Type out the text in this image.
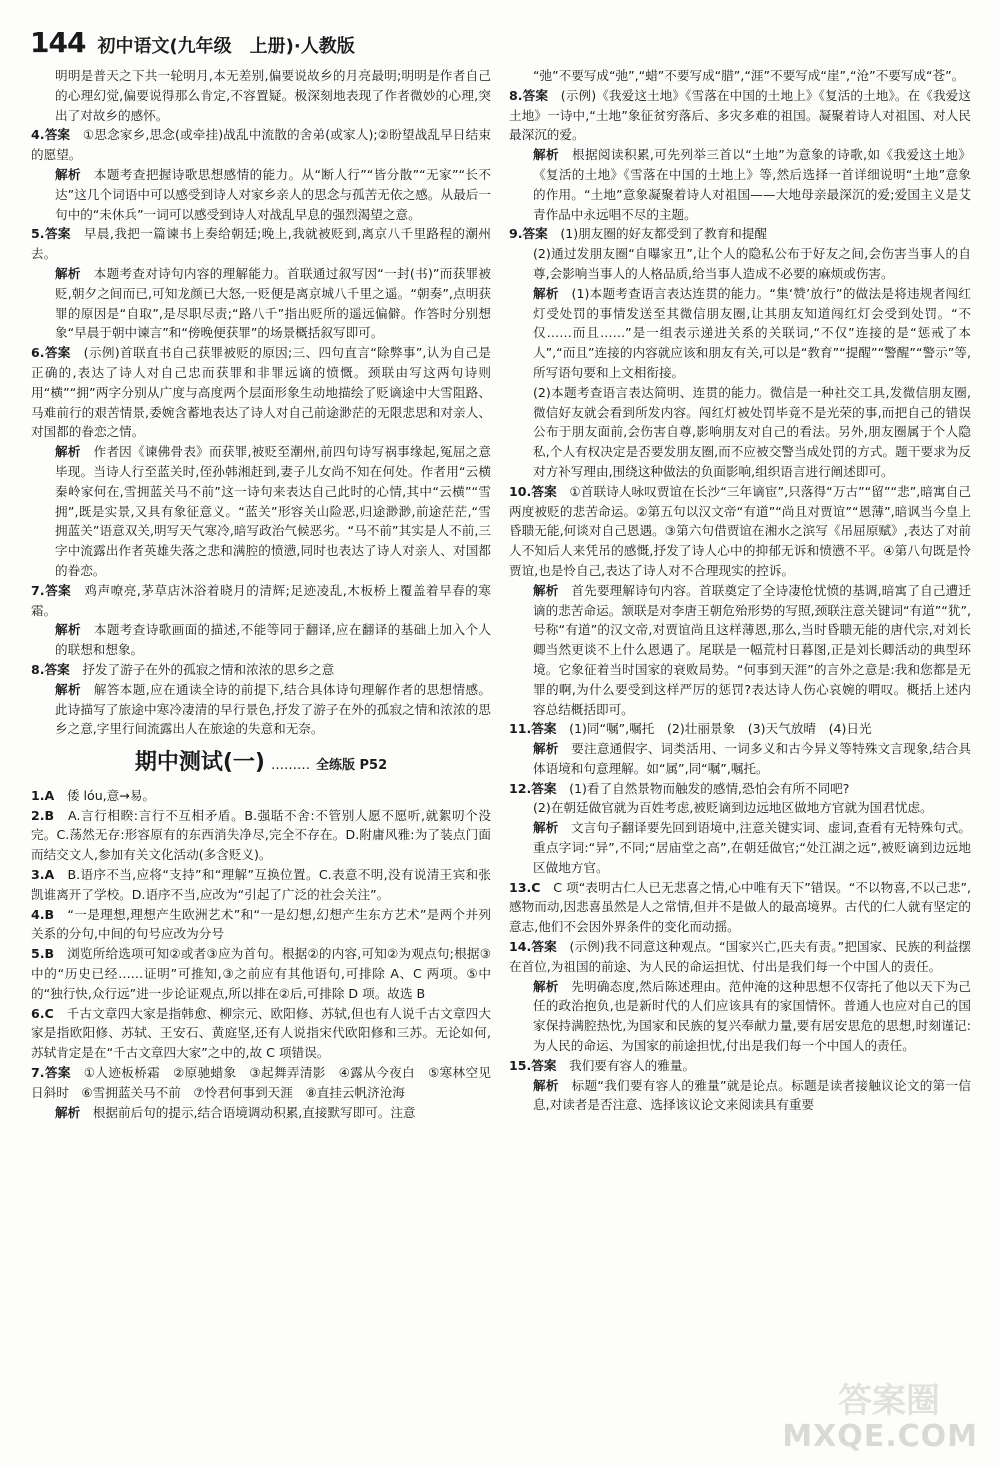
144 初中语文(九年级　上册)·人教版

明明是普天之下共一轮明月,本无差别,偏要说故乡的月亮最明;明明是作者自己的心理幻觉,偏要说得那么肯定,不容置疑。极深刻地表现了作者微妙的心理,突出了对故乡的感怀。

4.答案　①思念家乡,思念(或牵挂)战乱中流散的舍弟(或家人);②盼望战乱早日结束的愿望。

解析　本题考查把握诗歌思想感情的能力。从“断人行”“皆分散”“无家”“长不达”这几个词语中可以感受到诗人对家乡亲人的思念与孤苦无依之感。从最后一句中的“未休兵”一词可以感受到诗人对战乱早息的强烈渴望之意。

5.答案　早晨,我把一篇谏书上奏给朝廷;晚上,我就被贬到,离京八千里路程的潮州去。

解析　本题考查对诗句内容的理解能力。首联通过叙写因“一封(书)”而获罪被贬,朝夕之间而已,可知龙颜已大怒,一贬便是离京城八千里之遥。“朝奏”,点明获罪的原因是“自取”,是尽职尽责;“路八千”指出贬所的遥远偏僻。作答时分别想象“早晨于朝中谏言”和“傍晚便获罪”的场景概括叙写即可。

6.答案　(示例)首联直书自己获罪被贬的原因;三、四句直言“除弊事”,认为自己是正确的,表达了诗人对自己忠而获罪和非罪远谪的愤慨。颈联由写这两句诗则用“横”“拥”两字分别从广度与高度两个层面形象生动地描绘了贬谪途中大雪阻路、马难前行的艰苦情景,委婉含蓄地表达了诗人对自己前途渺茫的无限悲思和对亲人、对国都的眷恋之情。

解析　作者因《谏佛骨表》而获罪,被贬至潮州,前四句诗写祸事缘起,冤屈之意毕现。当诗人行至蓝关时,侄孙韩湘赶到,妻子儿女尚不知在何处。作者用“云横秦岭家何在,雪拥蓝关马不前”这一诗句来表达自己此时的心情,其中“云横”“雪拥”,既是实景,又具有象征意义。“蓝关”形容关山险恶,归途渺渺,前途茫茫,“雪拥蓝关”语意双关,明写天气寒冷,暗写政治气候恶劣。“马不前”其实是人不前,三字中流露出作者英雄失落之悲和满腔的愤懑,同时也表达了诗人对亲人、对国都的眷恋。

7.答案　鸡声嘹亮,茅草店沐浴着晓月的清辉;足迹凌乱,木板桥上覆盖着早春的寒霜。

解析　本题考查诗歌画面的描述,不能等同于翻译,应在翻译的基础上加入个人的联想和想象。

8.答案　抒发了游子在外的孤寂之情和浓浓的思乡之意

解析　解答本题,应在通读全诗的前提下,结合具体诗句理解作者的思想情感。此诗描写了旅途中寒冷凄清的早行景色,抒发了游子在外的孤寂之情和浓浓的思乡之意,字里行间流露出人在旅途的失意和无奈。

期中测试(一) ……… 全练版 P52

1.A　倭 lóu,意→易。

2.B　A.言行相睽:言行不互相矛盾。B.强聒不舍:不管别人愿不愿听,就絮叨个没完。C.荡然无存:形容原有的东西消失净尽,完全不存在。D.附庸风雅:为了装点门面而结交文人,参加有关文化活动(多含贬义)。

3.A　B.语序不当,应将“支持”和“理解”互换位置。C.表意不明,没有说清王宾和张凯谁离开了学校。D.语序不当,应改为“引起了广泛的社会关注”。

4.B　“一是理想,理想产生欧洲艺术”和“一是幻想,幻想产生东方艺术”是两个并列关系的分句,中间的句号应改为分号

5.B　浏览所给选项可知②或者③应为首句。根据②的内容,可知②为观点句;根据③中的“历史已经……证明”可推知,③之前应有其他语句,可排除 A、C 两项。⑤中的“独行快,众行远”进一步论证观点,所以排在②后,可排除 D 项。故选 B

6.C　千古文章四大家是指韩愈、柳宗元、欧阳修、苏轼,但也有人说千古文章四大家是指欧阳修、苏轼、王安石、黄庭坚,还有人说指宋代欧阳修和三苏。无论如何,苏轼肯定是在“千古文章四大家”之中的,故 C 项错误。

7.答案　①人迹板桥霜　②原驰蜡象　③起舞弄清影　④露从今夜白　⑤寒林空见日斜时　⑥雪拥蓝关马不前　⑦怜君何事到天涯　⑧直挂云帆济沧海

解析　根据前后句的提示,结合语境调动积累,直接默写即可。注意

“弛”不要写成“弛”,“蜡”不要写成“腊”,“涯”不要写成“崖”,“沧”不要写成“苍”。

8.答案　(示例)《我爱这土地》《雪落在中国的土地上》《复活的土地》。在《我爱这土地》一诗中,“土地”象征贫穷落后、多灾多难的祖国。凝聚着诗人对祖国、对人民最深沉的爱。

解析　根据阅读积累,可先列举三首以“土地”为意象的诗歌,如《我爱这土地》《复活的土地》《雪落在中国的土地上》等,然后选择一首详细说明“土地”意象的作用。“土地”意象凝聚着诗人对祖国——大地母亲最深沉的爱;爱国主义是艾青作品中永远唱不尽的主题。

9.答案　(1)朋友圈的好友都受到了教育和提醒

(2)通过发朋友圈“自曝家丑”,让个人的隐私公布于好友之间,会伤害当事人的自尊,会影响当事人的人格品质,给当事人造成不必要的麻烦或伤害。

解析　(1)本题考查语言表达连贯的能力。“集‘赞’放行”的做法是将违规者闯红灯受处罚的事情发送至其微信朋友圈,让其朋友知道闯红灯会受到处罚。“不仅……而且……”是一组表示递进关系的关联词,“不仅”连接的是“惩戒了本人”,“而且”连接的内容就应该和朋友有关,可以是“教育”“提醒”“警醒”“警示”等,所写语句要和上文相衔接。

(2)本题考查语言表达简明、连贯的能力。微信是一种社交工具,发微信朋友圈,微信好友就会看到所发内容。闯红灯被处罚毕竟不是光荣的事,而把自己的错误公布于朋友面前,会伤害自尊,影响朋友对自己的看法。另外,朋友圈属于个人隐私,个人有权决定是否要发朋友圈,而不应被交警当成处罚的方式。题干要求为反对方补写理由,围绕这种做法的负面影响,组织语言进行阐述即可。

10.答案　①首联诗人咏叹贾谊在长沙“三年谪宦”,只落得“万古”“留”“悲”,暗寓自己两度被贬的悲苦命运。②第五句以汉文帝“有道”“尚且对贾谊”“恩薄”,暗讽当今皇上昏聩无能,何谈对自己恩遇。③第六句借贾谊在湘水之滨写《吊屈原赋》,表达了对前人不知后人来凭吊的感慨,抒发了诗人心中的抑郁无诉和愤懑不平。④第八句既是怜贾谊,也是怜自己,表达了诗人对不合理现实的控诉。

解析　首先要理解诗句内容。首联奠定了全诗凄怆忧愤的基调,暗寓了自己遭迁谪的悲苦命运。颔联是对李唐王朝危殆形势的写照,颈联注意关键词“有道”“犹”,号称“有道”的汉文帝,对贾谊尚且这样薄恩,那么,当时昏聩无能的唐代宗,对刘长卿当然更谈不上什么恩遇了。尾联是一幅荒村日暮图,正是刘长卿活动的典型环境。它象征着当时国家的衰败局势。“何事到天涯”的言外之意是:我和您都是无罪的啊,为什么要受到这样严厉的惩罚?表达诗人伤心哀婉的喟叹。概括上述内容总结概括即可。

11.答案　(1)同“嘱”,嘱托　(2)壮丽景象　(3)天气放晴　(4)日光

解析　要注意通假字、词类活用、一词多义和古今异义等特殊文言现象,结合具体语境和句意理解。如“属”,同“嘱”,嘱托。

12.答案　(1)看了自然景物而触发的感情,恐怕会有所不同吧?

(2)在朝廷做官就为百姓考虑,被贬谪到边远地区做地方官就为国君忧虑。

解析　文言句子翻译要先回到语境中,注意关键实词、虚词,查看有无特殊句式。重点字词:“异”,不同;“居庙堂之高”,在朝廷做官;“处江湖之远”,被贬谪到边远地区做地方官。

13.C　C 项“表明古仁人已无悲喜之情,心中唯有天下”错误。“不以物喜,不以己悲”,感物而动,因悲喜虽然是人之常情,但并不是做人的最高境界。古代的仁人就有坚定的意志,他们不会因外界条件的变化而动摇。

14.答案　(示例)我不同意这种观点。“国家兴亡,匹夫有责。”把国家、民族的利益摆在首位,为祖国的前途、为人民的命运担忧、付出是我们每一个中国人的责任。

解析　先明确态度,然后陈述理由。范仲淹的这种思想不仅寄托了他以天下为己任的政治抱负,也是新时代的人们应该具有的家国情怀。普通人也应对自己的国家保持满腔热忱,为国家和民族的复兴奉献力量,要有居安思危的思想,时刻谨记:为人民的命运、为国家的前途担忧,付出是我们每一个中国人的责任。

15.答案　我们要有容人的雅量。

解析　标题“我们要有容人的雅量”就是论点。标题是读者接触议论文的第一信息,对读者是否注意、选择该议论文来阅读具有重要

答案圈
MXQE.COM
